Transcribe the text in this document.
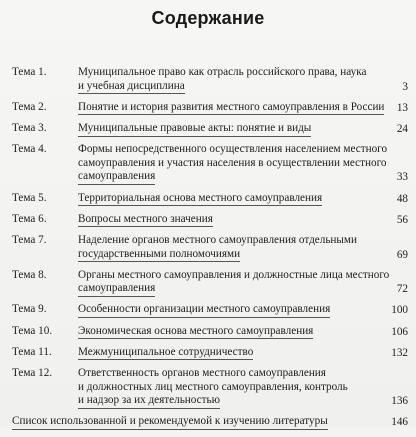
Содержание
Тема 1.	Муниципальное право как отрасль российского права, наука
и учебная дисциплина	3
Тема 2.	Понятие и история развития местного самоуправления в России	13
Тема 3.	Муниципальные правовые акты: понятие и виды	24
Тема 4.	Формы непосредственного осуществления населением местного
самоуправления и участия населения в осуществлении местного
самоуправления	33
Тема 5.	Территориальная основа местного самоуправления	48
Тема 6.	Вопросы местного значения	56
Тема 7.	Наделение органов местного самоуправления отдельными
государственными полномочиями	69
Тема 8.	Органы местного самоуправления и должностные лица местного
самоуправления	72
Тема 9.	Особенности организации местного самоуправления	100
Тема 10.	Экономическая основа местного самоуправления	106
Тема 11.	Межмуниципальное сотрудничество	132
Тема 12.	Ответственность органов местного самоуправления
и должностных лиц местного самоуправления, контроль
и надзор за их деятельностью	136
Список использованной и рекомендуемой к изучению литературы	146
